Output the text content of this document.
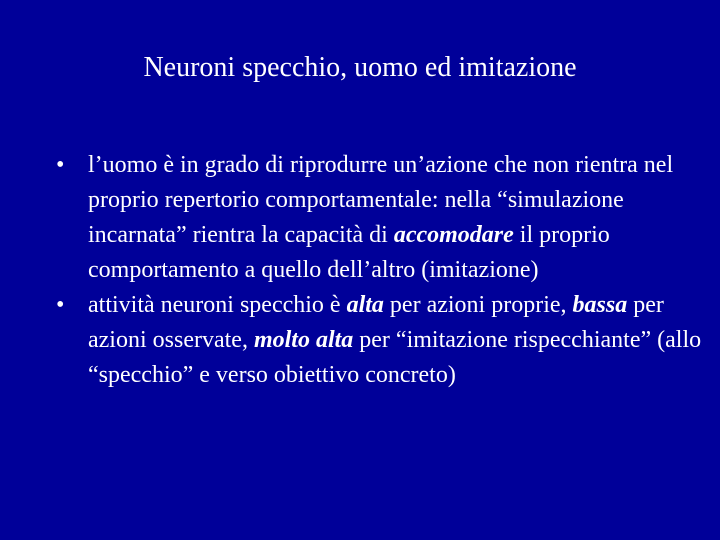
Neuroni specchio, uomo ed imitazione
• l’uomo è in grado di riprodurre un’azione che non rientra nel proprio repertorio comportamentale: nella “simulazione incarnata” rientra la capacità di accomodare il proprio comportamento a quello dell’altro (imitazione)
• attività neuroni specchio è alta per azioni proprie, bassa per azioni osservate, molto alta per “imitazione rispecchiante” (allo “specchio” e verso obiettivo concreto)
